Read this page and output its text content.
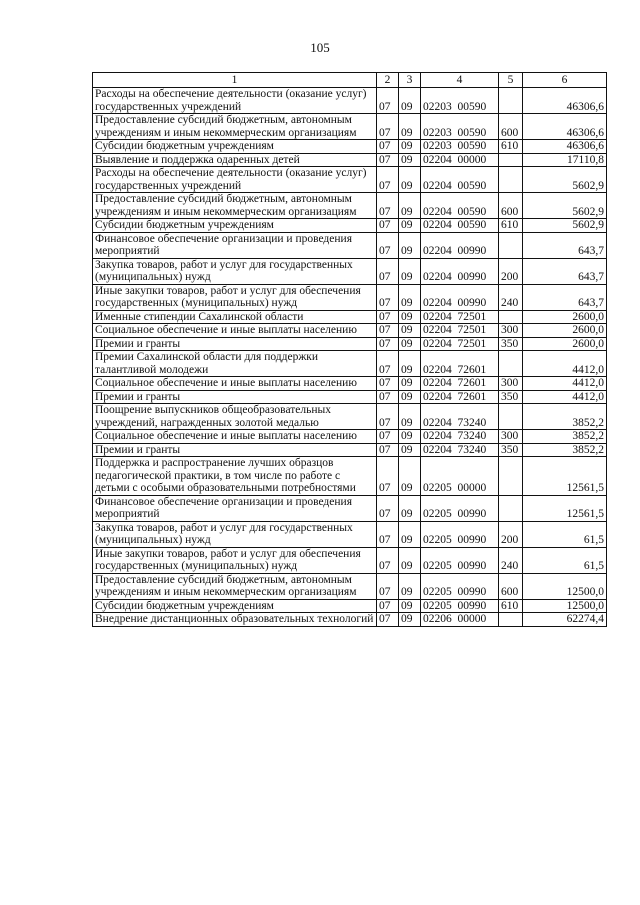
105
1	2	3	4	5	6
Расходы на обеспечение деятельности (оказание услуг) государственных учреждений	07	09	02203  00590		46306,6
Предоставление субсидий бюджетным, автономным учреждениям и иным некоммерческим организациям	07	09	02203  00590	600	46306,6
Субсидии бюджетным учреждениям	07	09	02203  00590	610	46306,6
Выявление и поддержка одаренных детей	07	09	02204  00000		17110,8
Расходы на обеспечение деятельности (оказание услуг) государственных учреждений	07	09	02204  00590		5602,9
Предоставление субсидий бюджетным, автономным учреждениям и иным некоммерческим организациям	07	09	02204  00590	600	5602,9
Субсидии бюджетным учреждениям	07	09	02204  00590	610	5602,9
Финансовое обеспечение организации и проведения мероприятий	07	09	02204  00990		643,7
Закупка товаров, работ и услуг для государственных (муниципальных) нужд	07	09	02204  00990	200	643,7
Иные закупки товаров, работ и услуг для обеспечения государственных (муниципальных) нужд	07	09	02204  00990	240	643,7
Именные стипендии Сахалинской области	07	09	02204  72501		2600,0
Социальное обеспечение и иные выплаты населению	07	09	02204  72501	300	2600,0
Премии и гранты	07	09	02204  72501	350	2600,0
Премии Сахалинской области для поддержки талантливой молодежи	07	09	02204  72601		4412,0
Социальное обеспечение и иные выплаты населению	07	09	02204  72601	300	4412,0
Премии и гранты	07	09	02204  72601	350	4412,0
Поощрение выпускников общеобразовательных учреждений, награжденных золотой медалью	07	09	02204  73240		3852,2
Социальное обеспечение и иные выплаты населению	07	09	02204  73240	300	3852,2
Премии и гранты	07	09	02204  73240	350	3852,2
Поддержка и распространение лучших образцов педагогической практики, в том числе по работе с детьми с особыми образовательными потребностями	07	09	02205  00000		12561,5
Финансовое обеспечение организации и проведения мероприятий	07	09	02205  00990		12561,5
Закупка товаров, работ и услуг для государственных (муниципальных) нужд	07	09	02205  00990	200	61,5
Иные закупки товаров, работ и услуг для обеспечения государственных (муниципальных) нужд	07	09	02205  00990	240	61,5
Предоставление субсидий бюджетным, автономным учреждениям и иным некоммерческим организациям	07	09	02205  00990	600	12500,0
Субсидии бюджетным учреждениям	07	09	02205  00990	610	12500,0
Внедрение дистанционных образовательных технологий	07	09	02206  00000		62274,4
